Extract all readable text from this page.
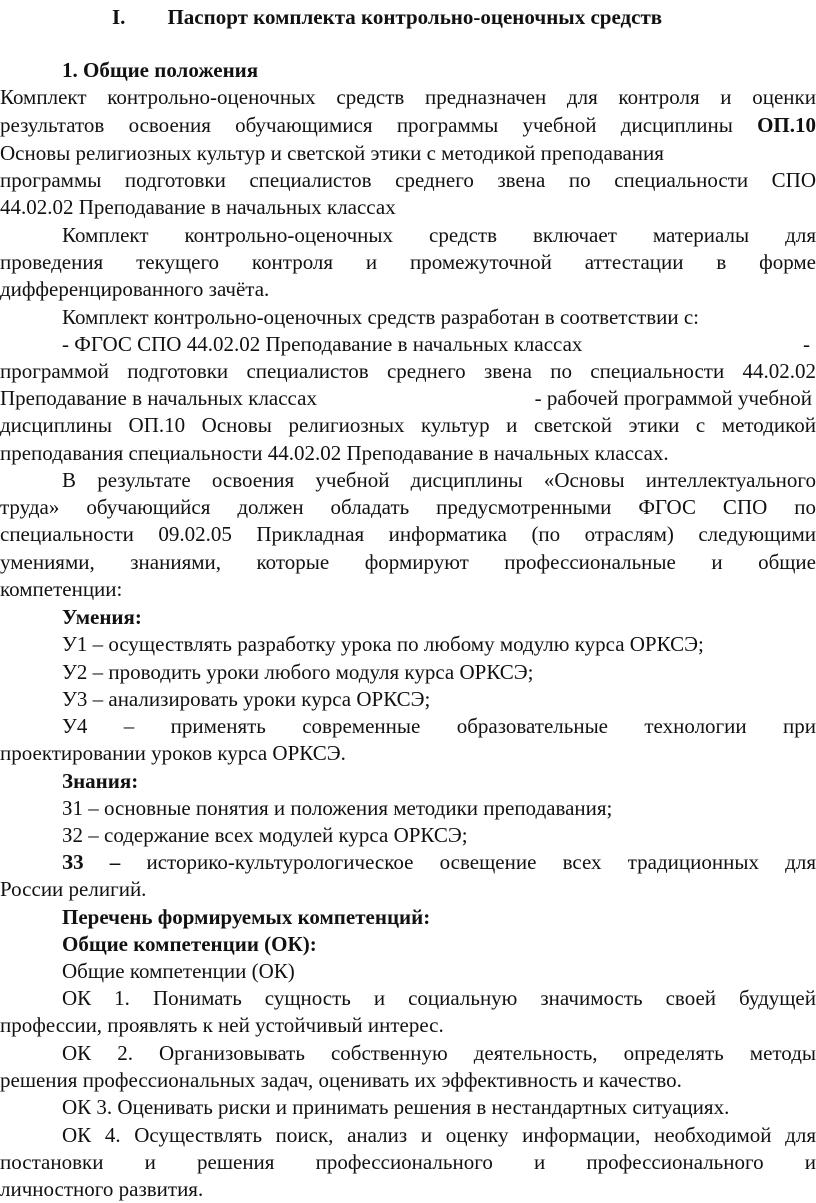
I. Паспорт комплекта контрольно-оценочных средств
1. Общие положения
Комплект контрольно-оценочных средств предназначен для контроля и оценки
результатов освоения обучающимися программы учебной дисциплины ОП.10
Основы религиозных культур и светской этики с методикой преподавания
программы подготовки специалистов среднего звена по специальности СПО
44.02.02 Преподавание в начальных классах
Комплект контрольно-оценочных средств включает материалы для
проведения текущего контроля и промежуточной аттестации в форме
дифференцированного зачёта.
Комплект контрольно-оценочных средств разработан в соответствии с:
- ФГОС СПО 44.02.02 Преподавание в начальных классах	-
программой подготовки специалистов среднего звена по специальности 44.02.02
Преподавание в начальных классах	- рабочей программой учебной
дисциплины ОП.10 Основы религиозных культур и светской этики с методикой
преподавания специальности 44.02.02 Преподавание в начальных классах.
В результате освоения учебной дисциплины «Основы интеллектуального
труда» обучающийся должен обладать предусмотренными ФГОС СПО по
специальности 09.02.05 Прикладная информатика (по отраслям) следующими
умениями, знаниями, которые формируют профессиональные и общие
компетенции:
Умения:
У1 – осуществлять разработку урока по любому модулю курса ОРКСЭ;
У2 – проводить уроки любого модуля курса ОРКСЭ;
У3 – анализировать уроки курса ОРКСЭ;
У4 – применять современные образовательные технологии при
проектировании уроков курса ОРКСЭ.
Знания:
З1 – основные понятия и положения методики преподавания;
З2 – содержание всех модулей курса ОРКСЭ;
З3 – историко-культурологическое освещение всех традиционных для
России религий.
Перечень формируемых компетенций:
Общие компетенции (ОК):
Общие компетенции (ОК)
ОК 1. Понимать сущность и социальную значимость своей будущей
профессии, проявлять к ней устойчивый интерес.
ОК 2. Организовывать собственную деятельность, определять методы
решения профессиональных задач, оценивать их эффективность и качество.
ОК 3. Оценивать риски и принимать решения в нестандартных ситуациях.
ОК 4. Осуществлять поиск, анализ и оценку информации, необходимой для
постановки и решения профессионального и профессионального и
личностного развития.
